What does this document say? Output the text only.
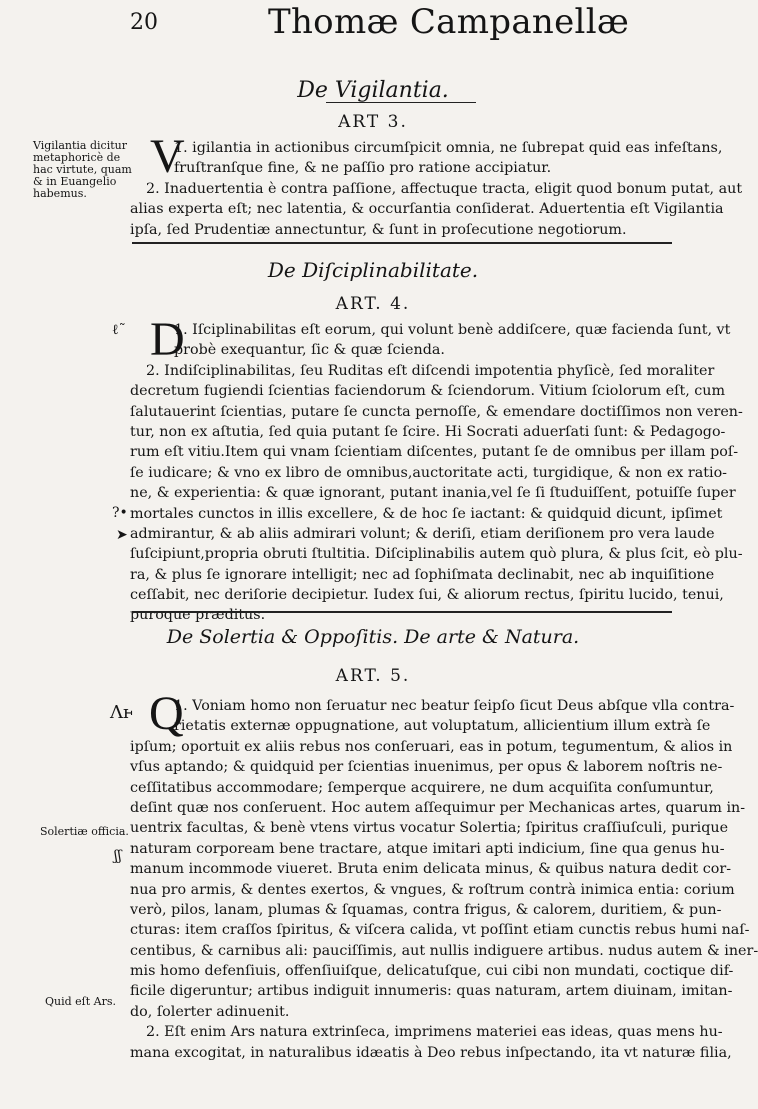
20	Thomæ Campanellæ
De Vigilantia.
ART 3.
Vigilantia dicitur
metaphoricè de
hac virtute, quam
& in Euangelio
habemus.
V
1. igilantia in actionibus circumſpicit omnia, ne ſubrepat quid eas infeſtans,
fruſtranſque fine, & ne paſſio pro ratione accipiatur.
2. Inaduertentia è contra paſſione, affectuque tracta, eligit quod bonum putat, aut
alias experta eſt; nec latentia, & occurſantia conſiderat. Aduertentia eſt Vigilantia
ipſa, ſed Prudentiæ annectuntur, & ſunt in proſecutione negotiorum.
De Diſciplinabilitate.
ART. 4.
ℓ˜ D
1. Iſciplinabilitas eſt eorum, qui volunt benè addiſcere, quæ facienda ſunt, vt
probè exequantur, ſic & quæ ſcienda.
2. Indiſciplinabilitas, ſeu Ruditas eſt diſcendi impotentia phyſicè, ſed moraliter
decretum fugiendi ſcientias faciendorum & ſciendorum. Vitium ſciolorum eſt, cum
ſalutauerint ſcientias, putare ſe cuncta pernoſſe, & emendare doctiſſimos non veren-
tur, non ex aſtutia, ſed quia putant ſe ſcire. Hi Socrati aduerſati ſunt: & Pedagogo-
rum eſt vitiu.Item qui vnam ſcientiam diſcentes, putant ſe de omnibus per illam poſ-
ſe iudicare; & vno ex libro de omnibus,auctoritate acti, turgidique, & non ex ratio-
ne, & experientia: & quæ ignorant, putant inania,vel ſe ſi ſtuduiſſent, potuiſſe ſuper
mortales cunctos in illis excellere, & de hoc ſe iactant: & quidquid dicunt, ipſimet
admirantur, & ab aliis admirari volunt; & deriſi, etiam deriſionem pro vera laude
ſuſcipiunt,propria obruti ſtultitia. Diſciplinabilis autem quò plura, & plus ſcit, eò plu-
ra, & plus ſe ignorare intelligit; nec ad ſophiſmata declinabit, nec ab inquiſitione
ceſſabit, nec deriſorie decipietur. Iudex ſui, & aliorum rectus, ſpiritu lucido, tenui,
puroque præditus.
?•
➤
De Solertia & Oppoſitis. De arte & Natura.
ART. 5.
Ʌⱶ Q
1. Voniam homo non ſeruatur nec beatur ſeipſo ſicut Deus abſque vlla contra-
rietatis externæ oppugnatione, aut voluptatum, allicientium illum extrà ſe
ipſum; oportuit ex aliis rebus nos conſeruari, eas in potum, tegumentum, & alios in
vſus aptando; & quidquid per ſcientias inuenimus, per opus & laborem noſtris ne-
ceſſitatibus accommodare; ſemperque acquirere, ne dum acquiſita conſumuntur,
deſint quæ nos conſeruent. Hoc autem aſſequimur per Mechanicas artes, quarum in-
uentrix facultas, & benè vtens virtus vocatur Solertia; ſpiritus craſſiuſculi, purique
naturam corpoream bene tractare, atque imitari apti indicium, ſine qua genus hu-
manum incommode viueret. Bruta enim delicata minus, & quibus natura dedit cor-
nua pro armis, & dentes exertos, & vngues, & roſtrum contrà inimica entia: corium
verò, pilos, lanam, plumas & ſquamas, contra frigus, & calorem, duritiem, & pun-
cturas: item craſſos ſpiritus, & viſcera calida, vt poſſint etiam cunctis rebus humi naſ-
centibus, & carnibus ali: pauciſſimis, aut nullis indiguere artibus. nudus autem & iner-
mis homo defenſiuis, offenſiuiſque, delicatuſque, cui cibi non mundati, coctique dif-
ficile digeruntur; artibus indiguit innumeris: quas naturam, artem diuinam, imitan-
do, ſolerter adinuenit.
2. Eſt enim Ars natura extrinſeca, imprimens materiei eas ideas, quas mens hu-
mana excogitat, in naturalibus idæatis à Deo rebus inſpectando, ita vt naturæ filia,
Solertiæ officia.
ʃʃ
Quid eſt Ars.
